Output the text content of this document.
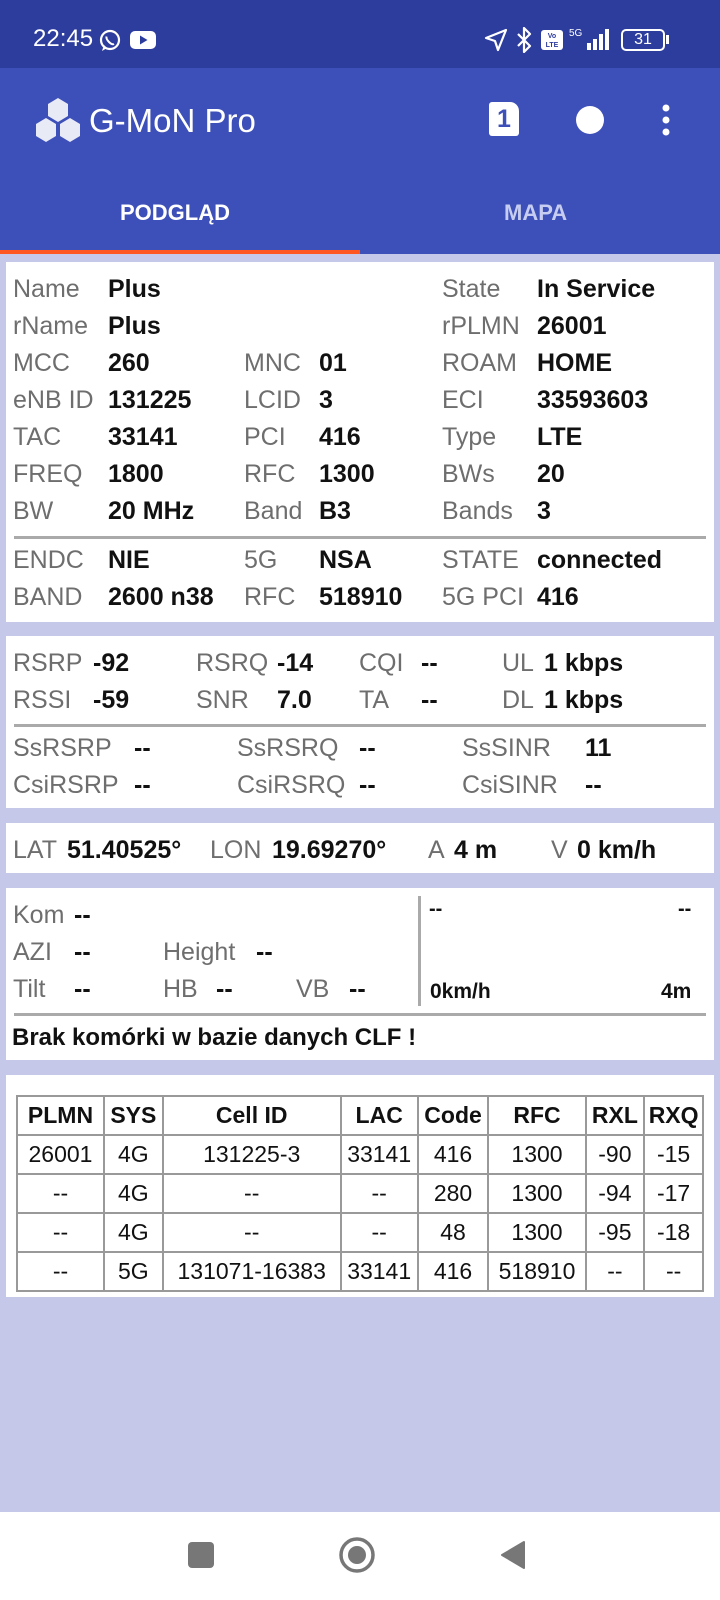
22:45	Vo
LTE
5G	31
G-MoN Pro	1
PODGLĄD	MAPA
Name Plus	State In Service
rName Plus	rPLMN 26001
MCC 260	MNC 01	ROAM HOME
eNB ID 131225 LCID 3	ECI 33593603
TAC 33141	PCI 416	Type LTE
FREQ 1800	RFC 1300	BWs 20
BW 20 MHz Band B3	Bands 3
ENDC NIE	5G NSA	STATE connected
BAND 2600 n38 RFC 518910 5G PCI 416
RSRP -92	RSRQ -14 CQI --	UL 1 kbps
RSSI -59	SNR 7.0 TA --	DL 1 kbps
SsRSRP --	SsRSRQ --	SsSINR 11
CsiRSRP --	CsiRSRQ --	CsiSINR --
LAT 51.40525° LON 19.69270° A 4 m V 0 km/h
Kom --
AZI --	Height --
Tilt --	HB --	VB --
--	--
0km/h	4m
Brak komórki w bazie danych CLF !
PLMN	SYS	Cell ID	LAC	Code	RFC	RXL	RXQ
26001	4G	131225-3	33141	416	1300	-90	-15
--	4G	--	--	280	1300	-94	-17
--	4G	--	--	48	1300	-95	-18
--	5G	131071-16383	33141	416	518910	--	--
